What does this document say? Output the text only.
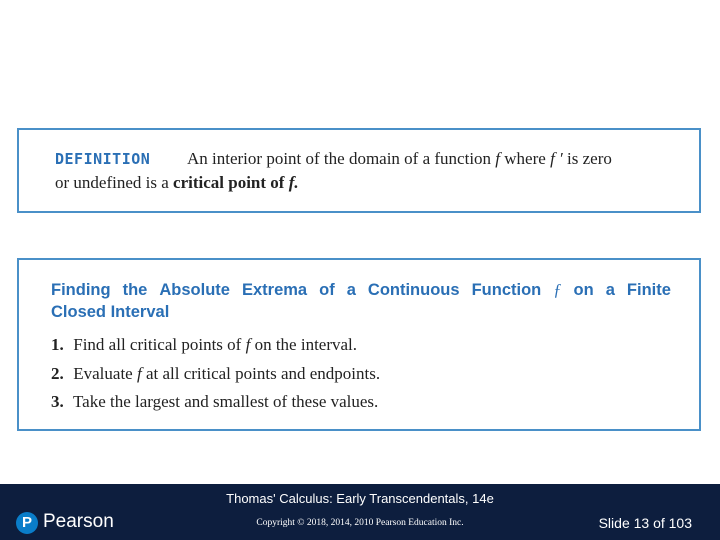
DEFINITION An interior point of the domain of a function f where f ′ is zero
or undefined is a critical point of f.
Finding the Absolute Extrema of a Continuous Function ƒ on a Finite
Closed Interval
1. Find all critical points of f on the interval.
2. Evaluate f at all critical points and endpoints.
3. Take the largest and smallest of these values.
Thomas' Calculus: Early Transcendentals, 14e
P Pearson	Copyright © 2018, 2014, 2010 Pearson Education Inc.	Slide 13 of 103
